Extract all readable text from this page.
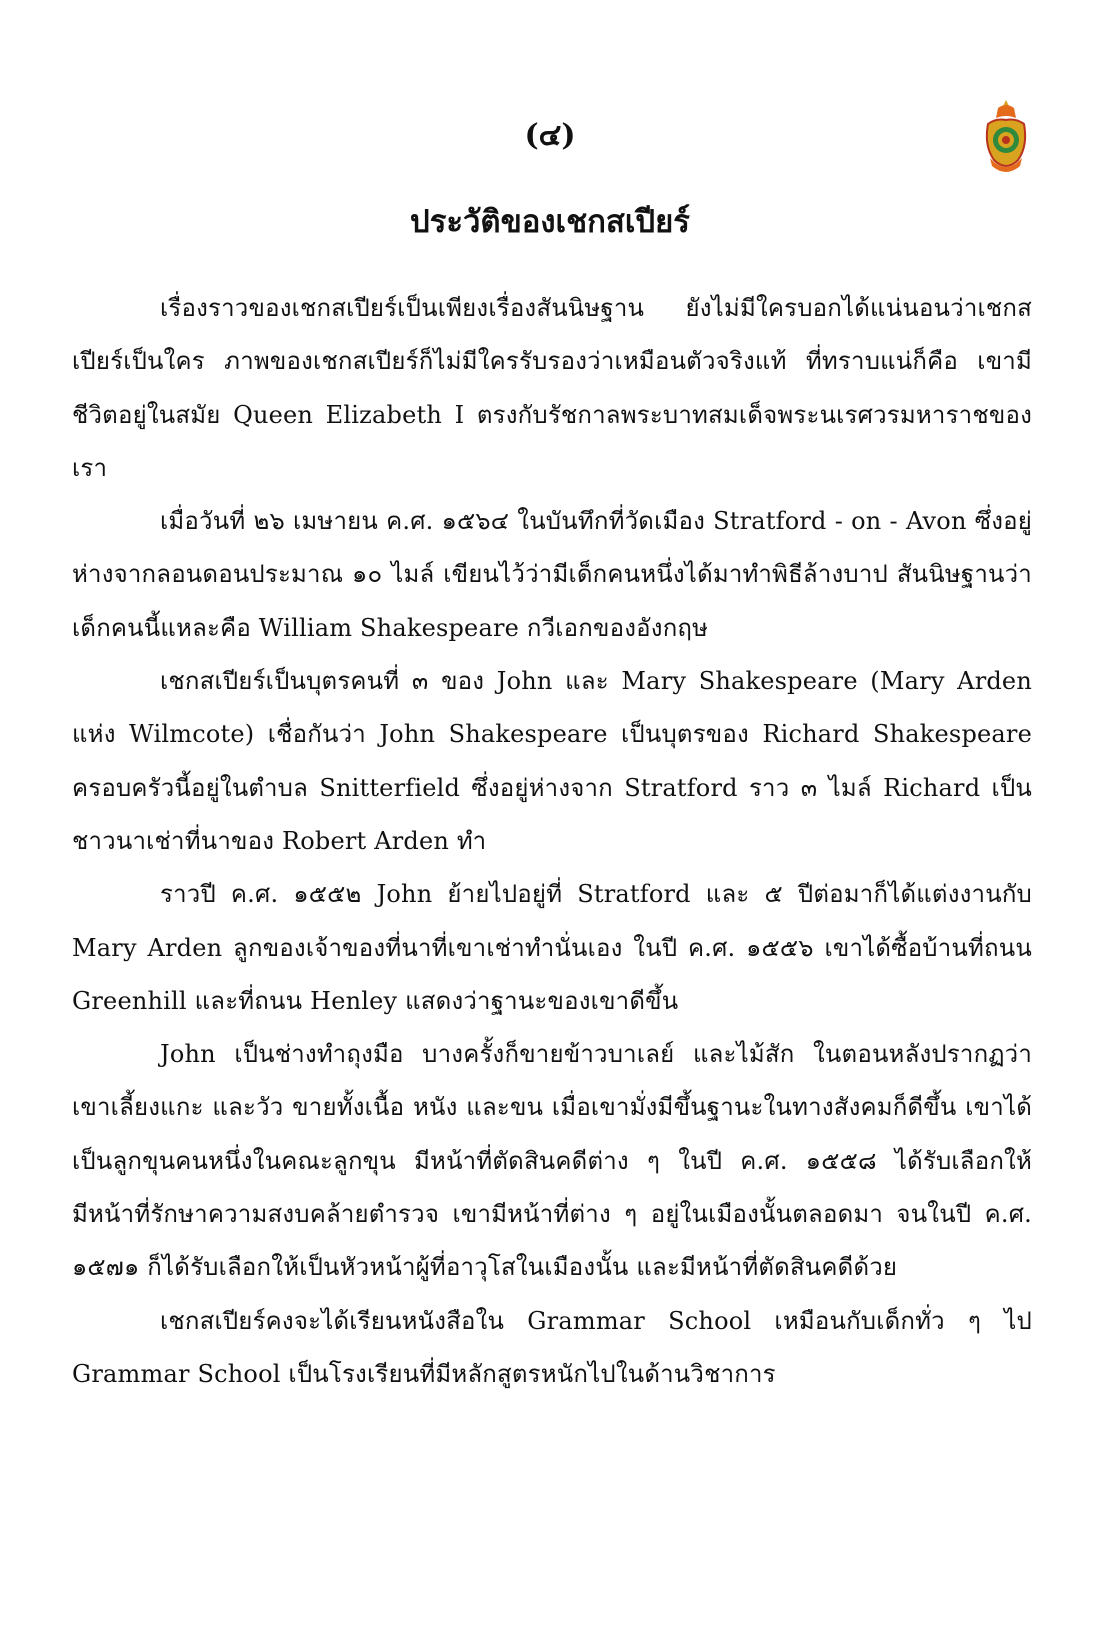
(๔)
ประวัติของเชกสเปียร์

เรื่องราวของเชกสเปียร์เป็นเพียงเรื่องสันนิษฐาน ยังไม่มีใครบอกได้แน่นอนว่าเชกสเปียร์เป็นใคร ภาพของเชกสเปียร์ก็ไม่มีใครรับรองว่าเหมือนตัวจริงแท้ ที่ทราบแน่ก็คือ เขามีชีวิตอยู่ในสมัย Queen Elizabeth I ตรงกับรัชกาลพระบาทสมเด็จพระนเรศวรมหาราชของเรา

เมื่อวันที่ ๒๖ เมษายน ค.ศ. ๑๕๖๔ ในบันทึกที่วัดเมือง Stratford - on - Avon ซึ่งอยู่ห่างจากลอนดอนประมาณ ๑๐ ไมล์ เขียนไว้ว่ามีเด็กคนหนึ่งได้มาทำพิธีล้างบาป สันนิษฐานว่า เด็กคนนี้แหละคือ William Shakespeare กวีเอกของอังกฤษ

เชกสเปียร์เป็นบุตรคนที่ ๓ ของ John และ Mary Shakespeare (Mary Arden แห่ง Wilmcote) เชื่อกันว่า John Shakespeare เป็นบุตรของ Richard Shakespeare ครอบครัวนี้อยู่ในตำบล Snitterfield ซึ่งอยู่ห่างจาก Stratford ราว ๓ ไมล์ Richard เป็นชาวนาเช่าที่นาของ Robert Arden ทำ

ราวปี ค.ศ. ๑๕๕๒ John ย้ายไปอยู่ที่ Stratford และ ๕ ปีต่อมาก็ได้แต่งงานกับ Mary Arden ลูกของเจ้าของที่นาที่เขาเช่าทำนั่นเอง ในปี ค.ศ. ๑๕๕๖ เขาได้ซื้อบ้านที่ถนน Greenhill และที่ถนน Henley แสดงว่าฐานะของเขาดีขึ้น

John เป็นช่างทำถุงมือ บางครั้งก็ขายข้าวบาเลย์ และไม้สัก ในตอนหลังปรากฏว่า เขาเลี้ยงแกะ และวัว ขายทั้งเนื้อ หนัง และขน เมื่อเขามั่งมีขึ้นฐานะในทางสังคมก็ดีขึ้น เขาได้เป็นลูกขุนคนหนึ่งในคณะลูกขุน มีหน้าที่ตัดสินคดีต่าง ๆ ในปี ค.ศ. ๑๕๕๘ ได้รับเลือกให้มีหน้าที่รักษาความสงบคล้ายตำรวจ เขามีหน้าที่ต่าง ๆ อยู่ในเมืองนั้นตลอดมา จนในปี ค.ศ. ๑๕๗๑ ก็ได้รับเลือกให้เป็นหัวหน้าผู้ที่อาวุโสในเมืองนั้น และมีหน้าที่ตัดสินคดีด้วย

เชกสเปียร์คงจะได้เรียนหนังสือใน Grammar School เหมือนกับเด็กทั่ว ๆ ไป Grammar School เป็นโรงเรียนที่มีหลักสูตรหนักไปในด้านวิชาการ
